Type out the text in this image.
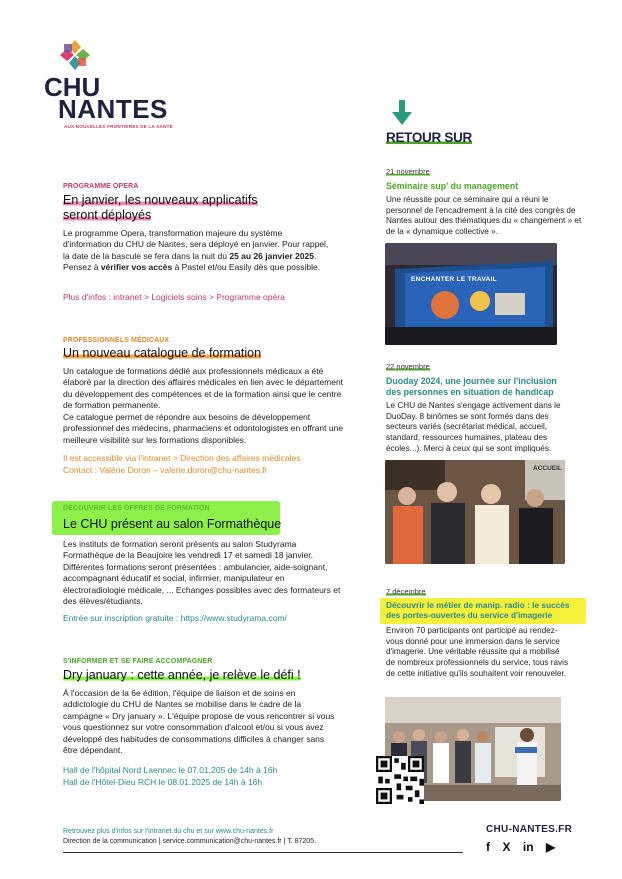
CHU
NANTES
AUX NOUVELLES FRONTIÈRES DE LA SANTÉ
RETOUR SUR
PROGRAMME OPERA
En janvier, les nouveaux applicatifs
seront déployés
Le programme Opera, transformation majeure du système d'information du CHU de Nantes, sera déployé en janvier. Pour rappel, la date de la bascule se fera dans la nuit du 25 au 26 janvier 2025. Pensez à vérifier vos accès à Pastel et/ou Easily dès que possible.
Plus d'infos : intranet > Logiciels soins > Programme opéra
PROFESSIONNELS MÉDICAUX
Un nouveau catalogue de formation

Un catalogue de formations dédié aux professionnels médicaux a été élaboré par la direction des affaires médicales en lien avec le département du développement des compétences et de la formation ainsi que le centre de formation permanente.

Ce catalogue permet de répondre aux besoins de développement professionnel des médecins, pharmaciens et odontologistes en offrant une meilleure visibilité sur les formations disponibles.

Il est accessible via l'intranet > Direction des affaires médicales
Contact : Valérie Doron – valerie.doron@chu-nantes.fr
DÉCOUVRIR LES OFFRES DE FORMATION
Le CHU présent au salon Formathèque
Les instituts de formation seront présents au salon Studyrama Formathèque de la Beaujoire les vendredi 17 et samedi 18 janvier. Différentes formations seront présentées : ambulancier, aide-soignant, accompagnant éducatif et social, infirmier, manipulateur en électroradiologie médicale, ... Echanges possibles avec des formateurs et des élèves/étudiants.
Entrée sur inscription gratuite : https://www.studyrama.com/
S'INFORMER ET SE FAIRE ACCOMPAGNER
Dry january : cette année, je relève le défi !
À l'occasion de la 6e édition, l'équipe de liaison et de soins en addictologie du CHU de Nantes se mobilise dans le cadre de la campagne « Dry january ». L'équipe propose de vous rencontrer si vous vous questionnez sur votre consommation d'alcool et/ou si vous avez développé des habitudes de consommations difficiles à changer sans être dépendant.
Hall de l'hôpital Nord Laennec le 07.01.205 de 14h à 16h
Hall de l'Hôtel-Dieu RCH le 08.01.2025 de 14h à 16h
21 novembre
Séminaire sup' du management
Une réussite pour ce séminaire qui a réuni le personnel de l'encadrement à la cité des congrès de Nantes autour des thématiques du « changement » et de la « dynamique collective ».
ENCHANTER LE TRAVAIL
22 novembre
Duoday 2024, une journée sur l'inclusion des personnes en situation de handicap
Le CHU de Nantes s'engage activement dans le DuoDay. 8 binômes se sont formés dans des secteurs variés (secrétariat médical, accueil, standard, ressources humaines, plateau des écoles...). Merci à ceux qui se sont impliqués.
ACCUEIL
7 décembre
Découvrir le métier de manip. radio : le succès des portes-ouvertes du service d'imagerie
Environ 70 participants ont participé au rendez-vous donné pour une immersion dans le service d'imagerie. Une véritable réussite qui a mobilisé de nombreux professionnels du service, tous ravis de cette initiative qu'ils souhaitent voir renouveler.
Retrouvez plus d'infos sur l'intranet du chu et sur www.chu-nantes.fr
Direction de la communication | service.communication@chu-nantes.fr | T. 87205.
CHU-NANTES.FR
f X in ▶
